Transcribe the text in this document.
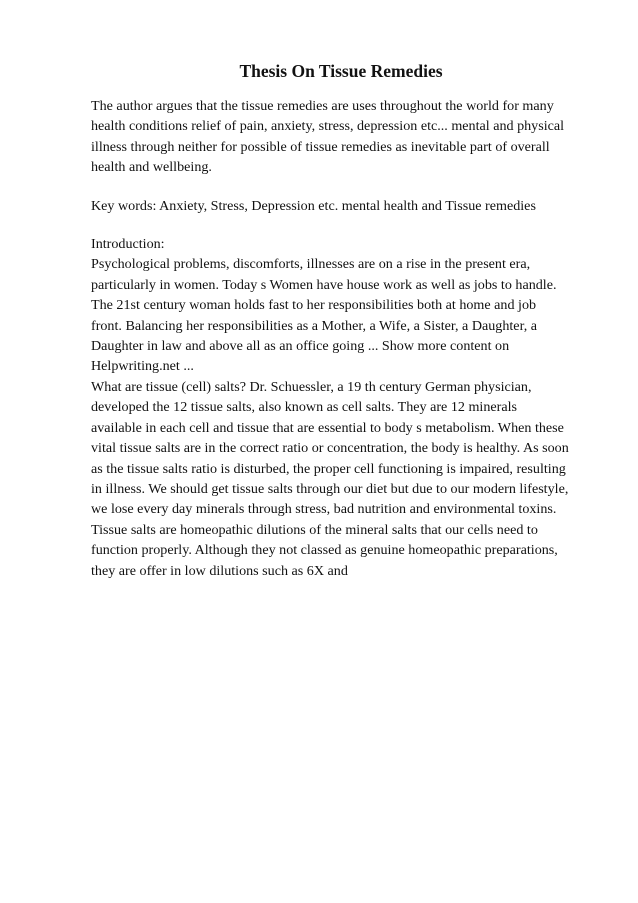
Thesis On Tissue Remedies

The author argues that the tissue remedies are uses throughout the world for many
health conditions relief of pain, anxiety, stress, depression etc... mental and physical
illness through neither for possible of tissue remedies as inevitable part of overall
health and wellbeing.

Key words: Anxiety, Stress, Depression etc. mental health and Tissue remedies

Introduction:
Psychological problems, discomforts, illnesses are on a rise in the present era,
particularly in women. Today s Women have house work as well as jobs to handle.
The 21st century woman holds fast to her responsibilities both at home and job
front. Balancing her responsibilities as a Mother, a Wife, a Sister, a Daughter, a
Daughter in law and above all as an office going ... Show more content on
Helpwriting.net ...
What are tissue (cell) salts? Dr. Schuessler, a 19 th century German physician,
developed the 12 tissue salts, also known as cell salts. They are 12 minerals
available in each cell and tissue that are essential to body s metabolism. When these
vital tissue salts are in the correct ratio or concentration, the body is healthy. As soon
as the tissue salts ratio is disturbed, the proper cell functioning is impaired, resulting
in illness. We should get tissue salts through our diet but due to our modern lifestyle,
we lose every day minerals through stress, bad nutrition and environmental toxins.
Tissue salts are homeopathic dilutions of the mineral salts that our cells need to
function properly. Although they not classed as genuine homeopathic preparations,
they are offer in low dilutions such as 6X and
